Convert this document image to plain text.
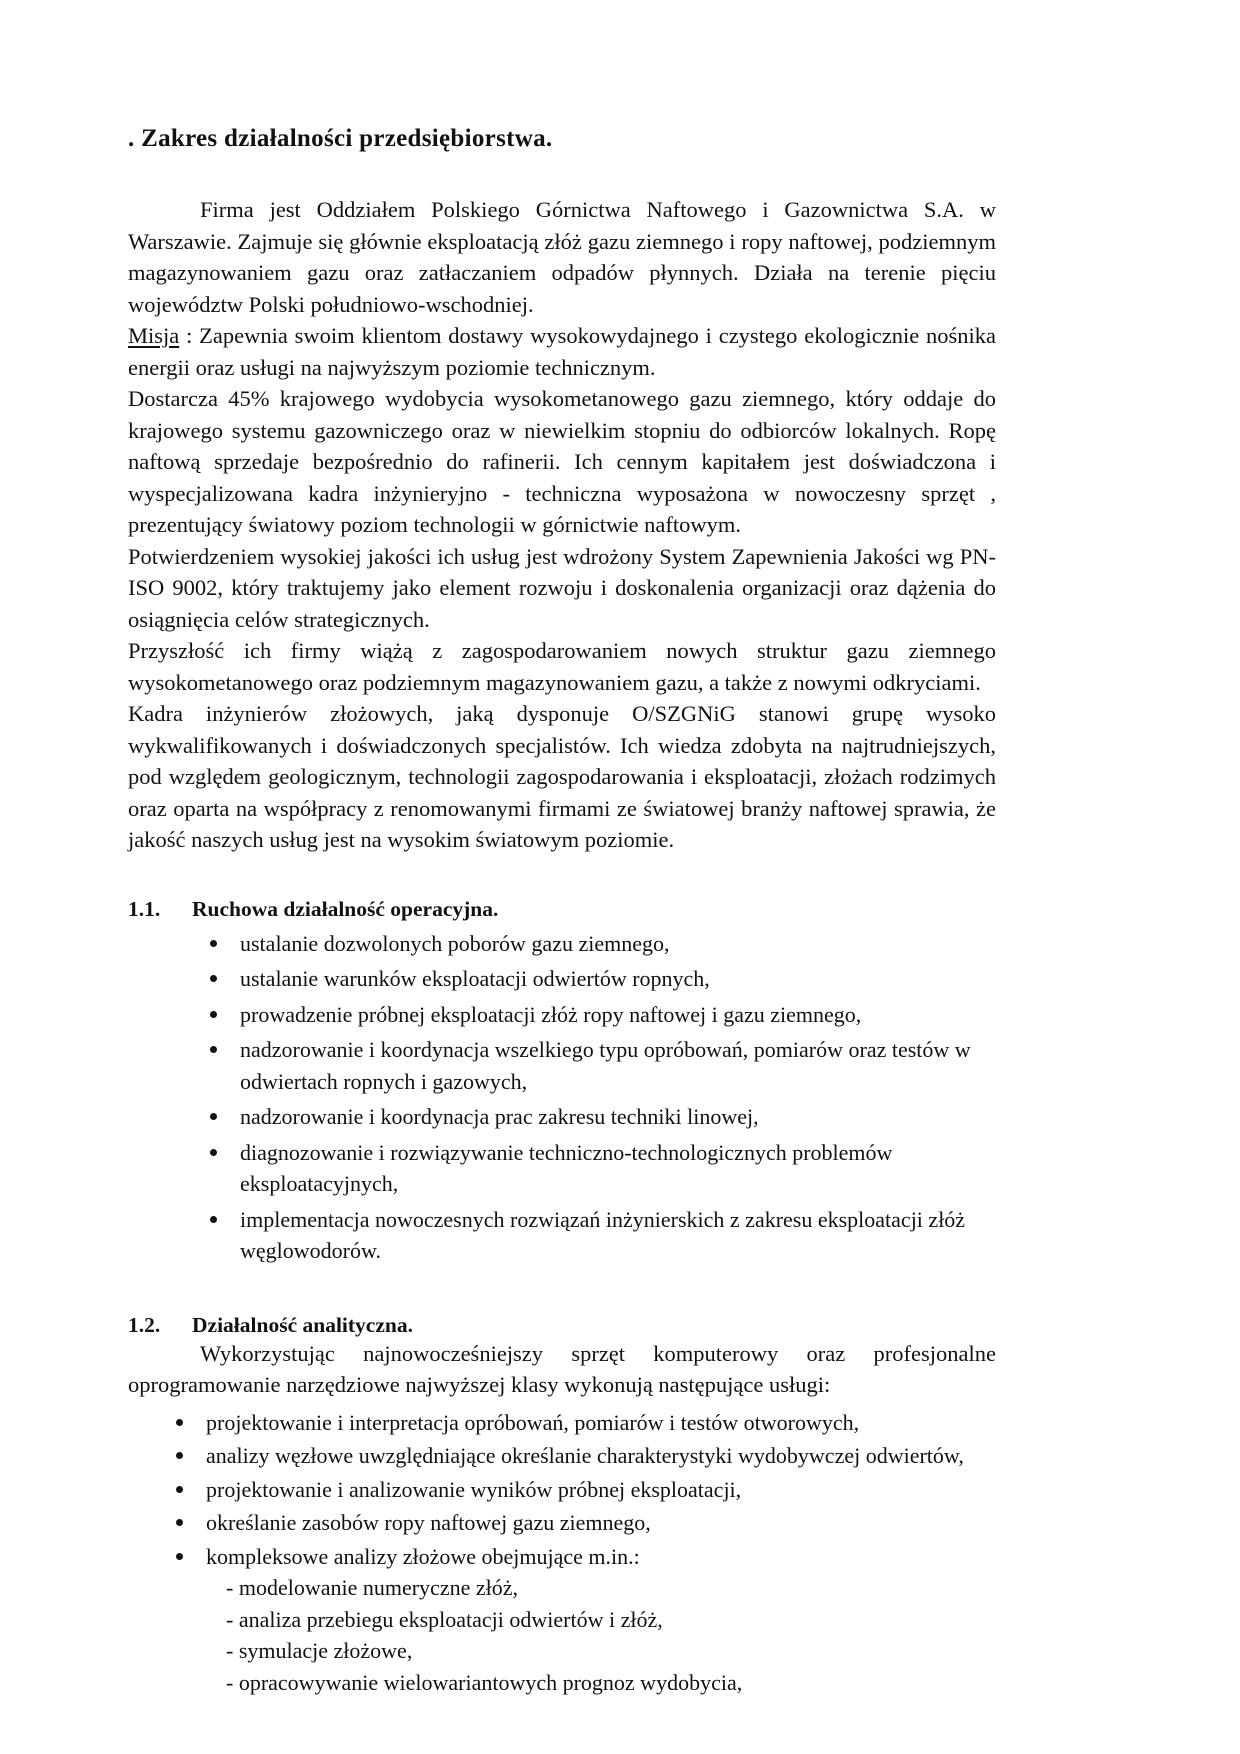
. Zakres działalności przedsiębiorstwa.

Firma jest Oddziałem Polskiego Górnictwa Naftowego i Gazownictwa S.A. w Warszawie. Zajmuje się głównie eksploatacją złóż gazu ziemnego i ropy naftowej, podziemnym magazynowaniem gazu oraz zatłaczaniem odpadów płynnych. Działa na terenie pięciu województw Polski południowo-wschodniej.

Misja : Zapewnia swoim klientom dostawy wysokowydajnego i czystego ekologicznie nośnika energii oraz usługi na najwyższym poziomie technicznym.

Dostarcza 45% krajowego wydobycia wysokometanowego gazu ziemnego, który oddaje do krajowego systemu gazowniczego oraz w niewielkim stopniu do odbiorców lokalnych. Ropę naftową sprzedaje bezpośrednio do rafinerii. Ich cennym kapitałem jest doświadczona i wyspecjalizowana kadra inżynieryjno - techniczna wyposażona w nowoczesny sprzęt , prezentujący światowy poziom technologii w górnictwie naftowym.

Potwierdzeniem wysokiej jakości ich usług jest wdrożony System Zapewnienia Jakości wg PN-ISO 9002, który traktujemy jako element rozwoju i doskonalenia organizacji oraz dążenia do osiągnięcia celów strategicznych.

Przyszłość ich firmy wiążą z zagospodarowaniem nowych struktur gazu ziemnego wysokometanowego oraz podziemnym magazynowaniem gazu, a także z nowymi odkryciami.

Kadra inżynierów złożowych, jaką dysponuje O/SZGNiG stanowi grupę wysoko wykwalifikowanych i doświadczonych specjalistów. Ich wiedza zdobyta na najtrudniejszych, pod względem geologicznym, technologii zagospodarowania i eksploatacji, złożach rodzimych oraz oparta na współpracy z renomowanymi firmami ze światowej branży naftowej sprawia, że jakość naszych usług jest na wysokim światowym poziomie.

1.1.	Ruchowa działalność operacyjna.
ustalanie dozwolonych poborów gazu ziemnego,
ustalanie warunków eksploatacji odwiertów ropnych,
prowadzenie próbnej eksploatacji złóż ropy naftowej i gazu ziemnego,
nadzorowanie i koordynacja wszelkiego typu opróbowań, pomiarów oraz testów w odwiertach ropnych i gazowych,
nadzorowanie i koordynacja prac zakresu techniki linowej,
diagnozowanie i rozwiązywanie techniczno-technologicznych problemów eksploatacyjnych,
implementacja nowoczesnych rozwiązań inżynierskich z zakresu eksploatacji złóż węglowodorów.
1.2.	Działalność analityczna.

Wykorzystując najnowocześniejszy sprzęt komputerowy oraz profesjonalne oprogramowanie narzędziowe najwyższej klasy wykonują następujące usługi:

projektowanie i interpretacja opróbowań, pomiarów i testów otworowych,
analizy węzłowe uwzględniające określanie charakterystyki wydobywczej odwiertów,
projektowanie i analizowanie wyników próbnej eksploatacji,
określanie zasobów ropy naftowej gazu ziemnego,
kompleksowe analizy złożowe obejmujące m.in.:
- modelowanie numeryczne złóż,
- analiza przebiegu eksploatacji odwiertów i złóż,
- symulacje złożowe,
- opracowywanie wielowariantowych prognoz wydobycia,
